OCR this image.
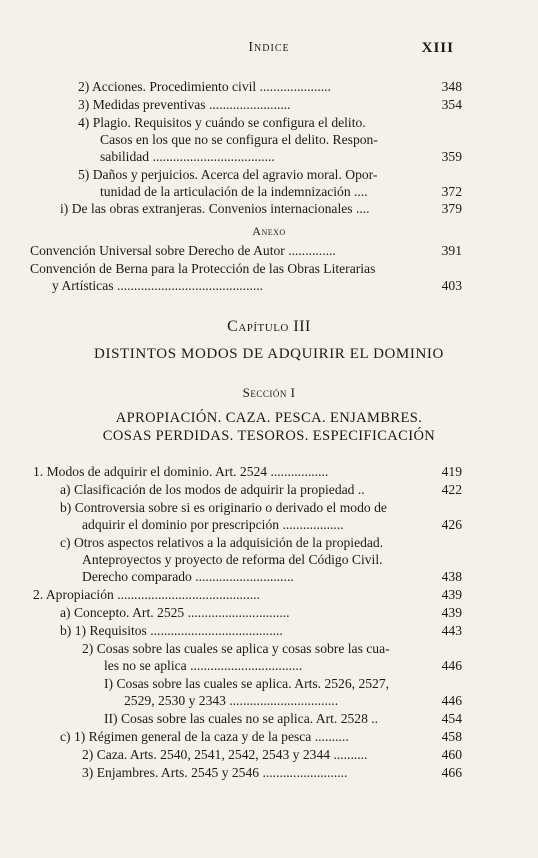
Indice	XIII
2) Acciones. Procedimiento civil .....................	348
3) Medidas preventivas ........................	354
4) Plagio. Requisitos y cuándo se configura el delito.
Casos en los que no se configura el delito. Respon-
sabilidad ....................................	359
5) Daños y perjuicios. Acerca del agravio moral. Opor-
tunidad de la articulación de la indemnización ....	372
i) De las obras extranjeras. Convenios internacionales ....	379
Anexo
Convención Universal sobre Derecho de Autor ..............	391
Convención de Berna para la Protección de las Obras Literarias
y Artísticas ...........................................	403
Capítulo III
DISTINTOS MODOS DE ADQUIRIR EL DOMINIO
Sección I
APROPIACIÓN. CAZA. PESCA. ENJAMBRES.
COSAS PERDIDAS. TESOROS. ESPECIFICACIÓN
1. Modos de adquirir el dominio. Art. 2524 .................	419
a) Clasificación de los modos de adquirir la propiedad ..	422
b) Controversia sobre si es originario o derivado el modo de
adquirir el dominio por prescripción ..................	426
c) Otros aspectos relativos a la adquisición de la propiedad.
Anteproyectos y proyecto de reforma del Código Civil.
Derecho comparado .............................	438
2. Apropiación ..........................................	439
a) Concepto. Art. 2525 ..............................	439
b) 1) Requisitos .......................................	443
2) Cosas sobre las cuales se aplica y cosas sobre las cua-
les no se aplica .................................	446
I) Cosas sobre las cuales se aplica. Arts. 2526, 2527,
2529, 2530 y 2343 ................................	446
II) Cosas sobre las cuales no se aplica. Art. 2528 ..	454
c) 1) Régimen general de la caza y de la pesca ..........	458
2) Caza. Arts. 2540, 2541, 2542, 2543 y 2344 ..........	460
3) Enjambres. Arts. 2545 y 2546 .........................	466
